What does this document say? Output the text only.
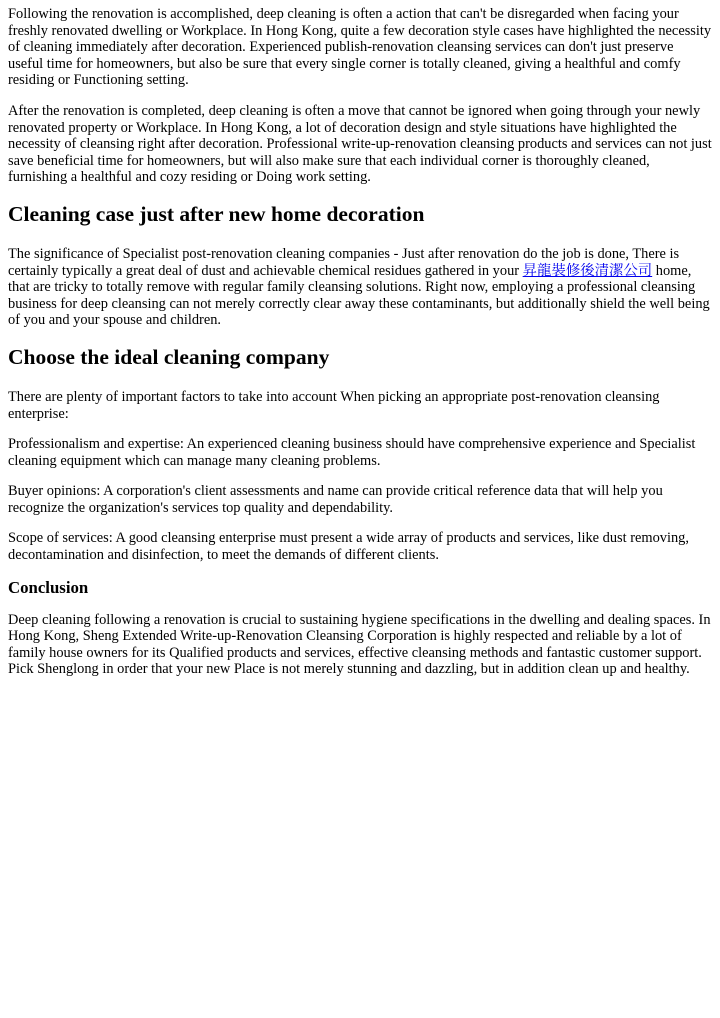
Following the renovation is accomplished, deep cleaning is often a action that can't be disregarded when facing your freshly renovated dwelling or Workplace. In Hong Kong, quite a few decoration style cases have highlighted the necessity of cleaning immediately after decoration. Experienced publish-renovation cleansing services can don't just preserve useful time for homeowners, but also be sure that every single corner is totally cleaned, giving a healthful and comfy residing or Functioning setting.

After the renovation is completed, deep cleaning is often a move that cannot be ignored when going through your newly renovated property or Workplace. In Hong Kong, a lot of decoration design and style situations have highlighted the necessity of cleansing right after decoration. Professional write-up-renovation cleansing products and services can not just save beneficial time for homeowners, but will also make sure that each individual corner is thoroughly cleaned, furnishing a healthful and cozy residing or Doing work setting.

Cleaning case just after new home decoration

The significance of Specialist post-renovation cleaning companies - Just after renovation do the job is done, There is certainly typically a great deal of dust and achievable chemical residues gathered in your 昇龍裝修後清潔公司 home, that are tricky to totally remove with regular family cleansing solutions. Right now, employing a professional cleansing business for deep cleansing can not merely correctly clear away these contaminants, but additionally shield the well being of you and your spouse and children.

Choose the ideal cleaning company

There are plenty of important factors to take into account When picking an appropriate post-renovation cleansing enterprise:

Professionalism and expertise: An experienced cleaning business should have comprehensive experience and Specialist cleaning equipment which can manage many cleaning problems.

Buyer opinions: A corporation's client assessments and name can provide critical reference data that will help you recognize the organization's services top quality and dependability.

Scope of services: A good cleansing enterprise must present a wide array of products and services, like dust removing, decontamination and disinfection, to meet the demands of different clients.

Conclusion

Deep cleaning following a renovation is crucial to sustaining hygiene specifications in the dwelling and dealing spaces. In Hong Kong, Sheng Extended Write-up-Renovation Cleansing Corporation is highly respected and reliable by a lot of family house owners for its Qualified products and services, effective cleansing methods and fantastic customer support. Pick Shenglong in order that your new Place is not merely stunning and dazzling, but in addition clean up and healthy.
